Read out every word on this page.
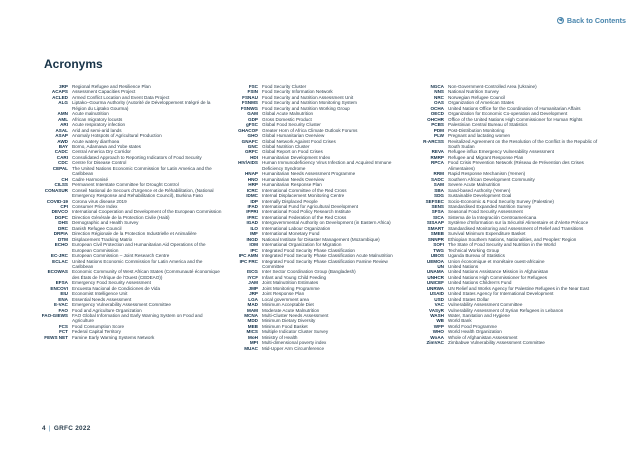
◀ Back to Contents
Acronyms
3RP Regional Refugee and Resilience Plan
ACAPS Assessment Capacities Project
ACLED Armed Conflict Location and Event Data Project
ALG Liptako–Gourma Authority (Autorité de Développement Intégré de la Région du Liptako Gourma)
AMN Acute malnutrition
AML African migratory locusts
ARI Acute respiratory infection
ASAL Arid and semi-arid lands
ASAP Anomaly Hotspots of Agricultural Production
AWD Acute watery diarrhoea
BAY Borno, Adamawa and Yobe states
CADC Central America Dry Corridor
CARI Consolidated Approach to Reporting Indicators of Food Security
CDC Centre for Disease Control
CEPAL The United Nations Economic Commission for Latin America and the Caribbean
CH Cadre Harmonisé
CILSS Permanent Interstate Committee for Drought Control
CONASUR Conseil National de Secours d'Urgence et de Réhabilitation, (National Emergency Response and Rehabilitation Council), Burkina Faso
COVID-19 Corona virus disease 2019
CPI Consumer Price Index
DEVCO International Cooperation and Development of the European Commission
DGPC Direction Générale de la Protection Civile (Haiti)
DHS Demographic and Health Survey
DRC Danish Refugee Council
DRPIA Direction Régionale de la Protection Industrielle et Animalière
DTM Displacement Tracking Matrix
ECHO European Civil Protection and Humanitarian Aid Operations of the European Commission
EC-JRC European Commission – Joint Research Centre
ECLAC United Nations Economic Commission for Latin America and the Caribbean
ECOWAS Economic Community of West African States (Communauté économique des États de l'Afrique de l'Ouest (CEDEAO))
EFSA Emergency Food Security Assessment
ENCOVI Encuesta Nacional de Condiciones de Vida
EIU Economist Intelligence Unit
ENA Essential Needs Assessment
E-VAC Emergency Vulnerability Assessment Committee
FAO Food and Agriculture Organization
FAO-GIEWS FAO Global Information and Early Warning System on Food and Agriculture
FCS Food Consumption Score
FCT Federal Capital Territory
FEWS NET Famine Early Warning Systems Network
FSC Food Security Cluster
FSIN Food Security Information Network
FSNAU Food Security and Nutrition Assessment Unit
FSNMS Food Security and Nutrition Monitoring System
FSNWG Food Security and Nutrition Working Group
GAM Global Acute Malnutrition
GDP Gross Domestic Product
gFSC Global Food Security Cluster
GHACOF Greater Horn of Africa Climate Outlook Forums
GHO Global Humanitarian Overview
GNAFC Global Network Against Food Crises
GNC Global Nutrition Cluster
GRFC Global Report on Food Crises
HDI Humanitarian Development Index
HIV/AIDS Human Immunodeficiency Virus Infection and Acquired Immune Deficiency Syndrome
HNAP Humanitarian Needs Assessment Programme
HNO Humanitarian Needs Overview
HRP Humanitarian Response Plan
ICRC International Committee of the Red Cross
IDMC Internal Displacement Monitoring Centre
IDP Internally Displaced People
IFAD International Fund for Agricultural Development
IFPRI International Food Policy Research Institute
IFRC International Federation of the Red Cross
IGAD Intergovernmental Authority on Development (in Eastern Africa)
ILO International Labour Organization
IMF International Monetary Fund
INGD National Institute for Disaster Management (Mozambique)
IOM International Organization for Migration
IPC Integrated Food Security Phase Classification
IPC AMN Integrated Food Security Phase Classification Acute Malnutrition
IPC FRC Integrated Food Security Phase Classification Famine Review Committee
ISCG Inter Sector Coordination Group (Bangladesh)
IYCF Infant and Young Child Feeding
JAM Joint Malnutrition Estimates
JMP Joint Monitoring Programme
JRP Joint Response Plan
LGA Local government area
MAD Minimum Acceptable Diet
MAM Moderate Acute Malnutrition
MCNA Multi-Cluster Needs Assessment
MDD Minimum Dietary Diversity
MEB Minimum Food Basket
MICS Multiple Indicator Cluster Survey
MoH Ministry of Health
MPI Multi-dimensional poverty index
MUAC Mid-Upper Arm Circumference
NGCA Non-Government-Controlled Area (Ukraine)
NNS National Nutrition Survey
NRC Norwegian Refugee Council
OAS Organization of American States
OCHA United Nations Office for the Coordination of Humanitarian Affairs
OECD Organization for Economic Co-operation and Development
OHCHR Office of the United Nations High Commissioner for Human Rights
PCBS Palestinian Central Bureau of Statistics
PDM Post-Distribution Monitoring
PLW Pregnant and lactating women
R-ARCSS Revitalized Agreement on the Resolution of the Conflict in the Republic of South Sudan
REVA Refugee influx Emergency Vulnerability Assessment
RMRP Refugee and Migrant Response Plan
RPCA Food Crisis Prevention Network (Réseau de Prévention des Crises Alimentaires)
RRM Rapid Response Mechanism (Yemen)
SADC Southern African Development Community
SAM Severe Acute Malnutrition
SBA Sand-based Authority (Yemen)
SDG Sustainable Development Goal
SEFSEC Socio-Economic & Food Security Survey (Palestine)
SENS Standardised Expanded Nutrition Survey
SFSA Seasonal Food Security Assessment
SICA Sistema de la Integración Centroamericana
SISAAP Système d'Information sur la Sécurité Alimentaire et d'Alerte Précoce
SMART Standardised Monitoring and Assessment of Relief and Transitions
SMEB Survival Minimum Expenditure Basket
SNNPR Ethiopian Southern Nations, Nationalities, and Peoples' Region
SOFI The State of Food Security and Nutrition in the World
TWG Technical Working Group
UBOS Uganda Bureau of Statistics
UEMOA Union économique et monétaire ouest-africaine
UN United Nations
UNAMA United Nations Assistance Mission in Afghanistan
UNHCR United Nations High Commissioner for Refugees
UNICEF United Nations Children's Fund
UNRWA UN Relief and Works Agency for Palestine Refugees in the Near East
USAID United States Agency for International Development
USD United States Dollar
VAC Vulnerability Assessment Committee
VASyR Vulnerability Assessment of Syrian Refugees in Lebanon
WASH Water, Sanitation and Hygiene
WB World Bank
WFP World Food Programme
WHO World Health Organization
WoAA Whole of Afghanistan Assessment
ZimVAC Zimbabwe Vulnerability Assessment Committee
4 | GRFC 2022
